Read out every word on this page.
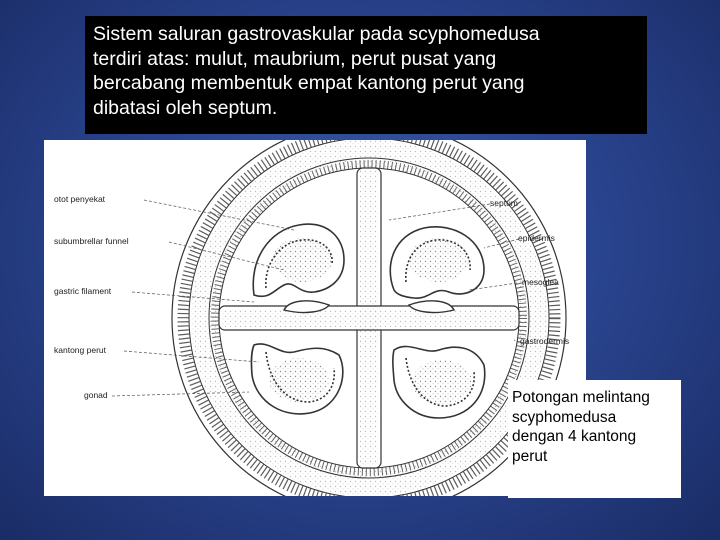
Sistem saluran gastrovaskular pada scyphomedusa
terdiri atas: mulut, maubrium, perut pusat yang
bercabang membentuk empat kantong perut yang
dibatasi oleh septum.
otot penyekat
subumbrellar funnel
gastric filament
kantong perut
gonad
septum
epidermis
mesoglea
gastrodermis
Potongan melintang
scyphomedusa
dengan 4 kantong
perut
